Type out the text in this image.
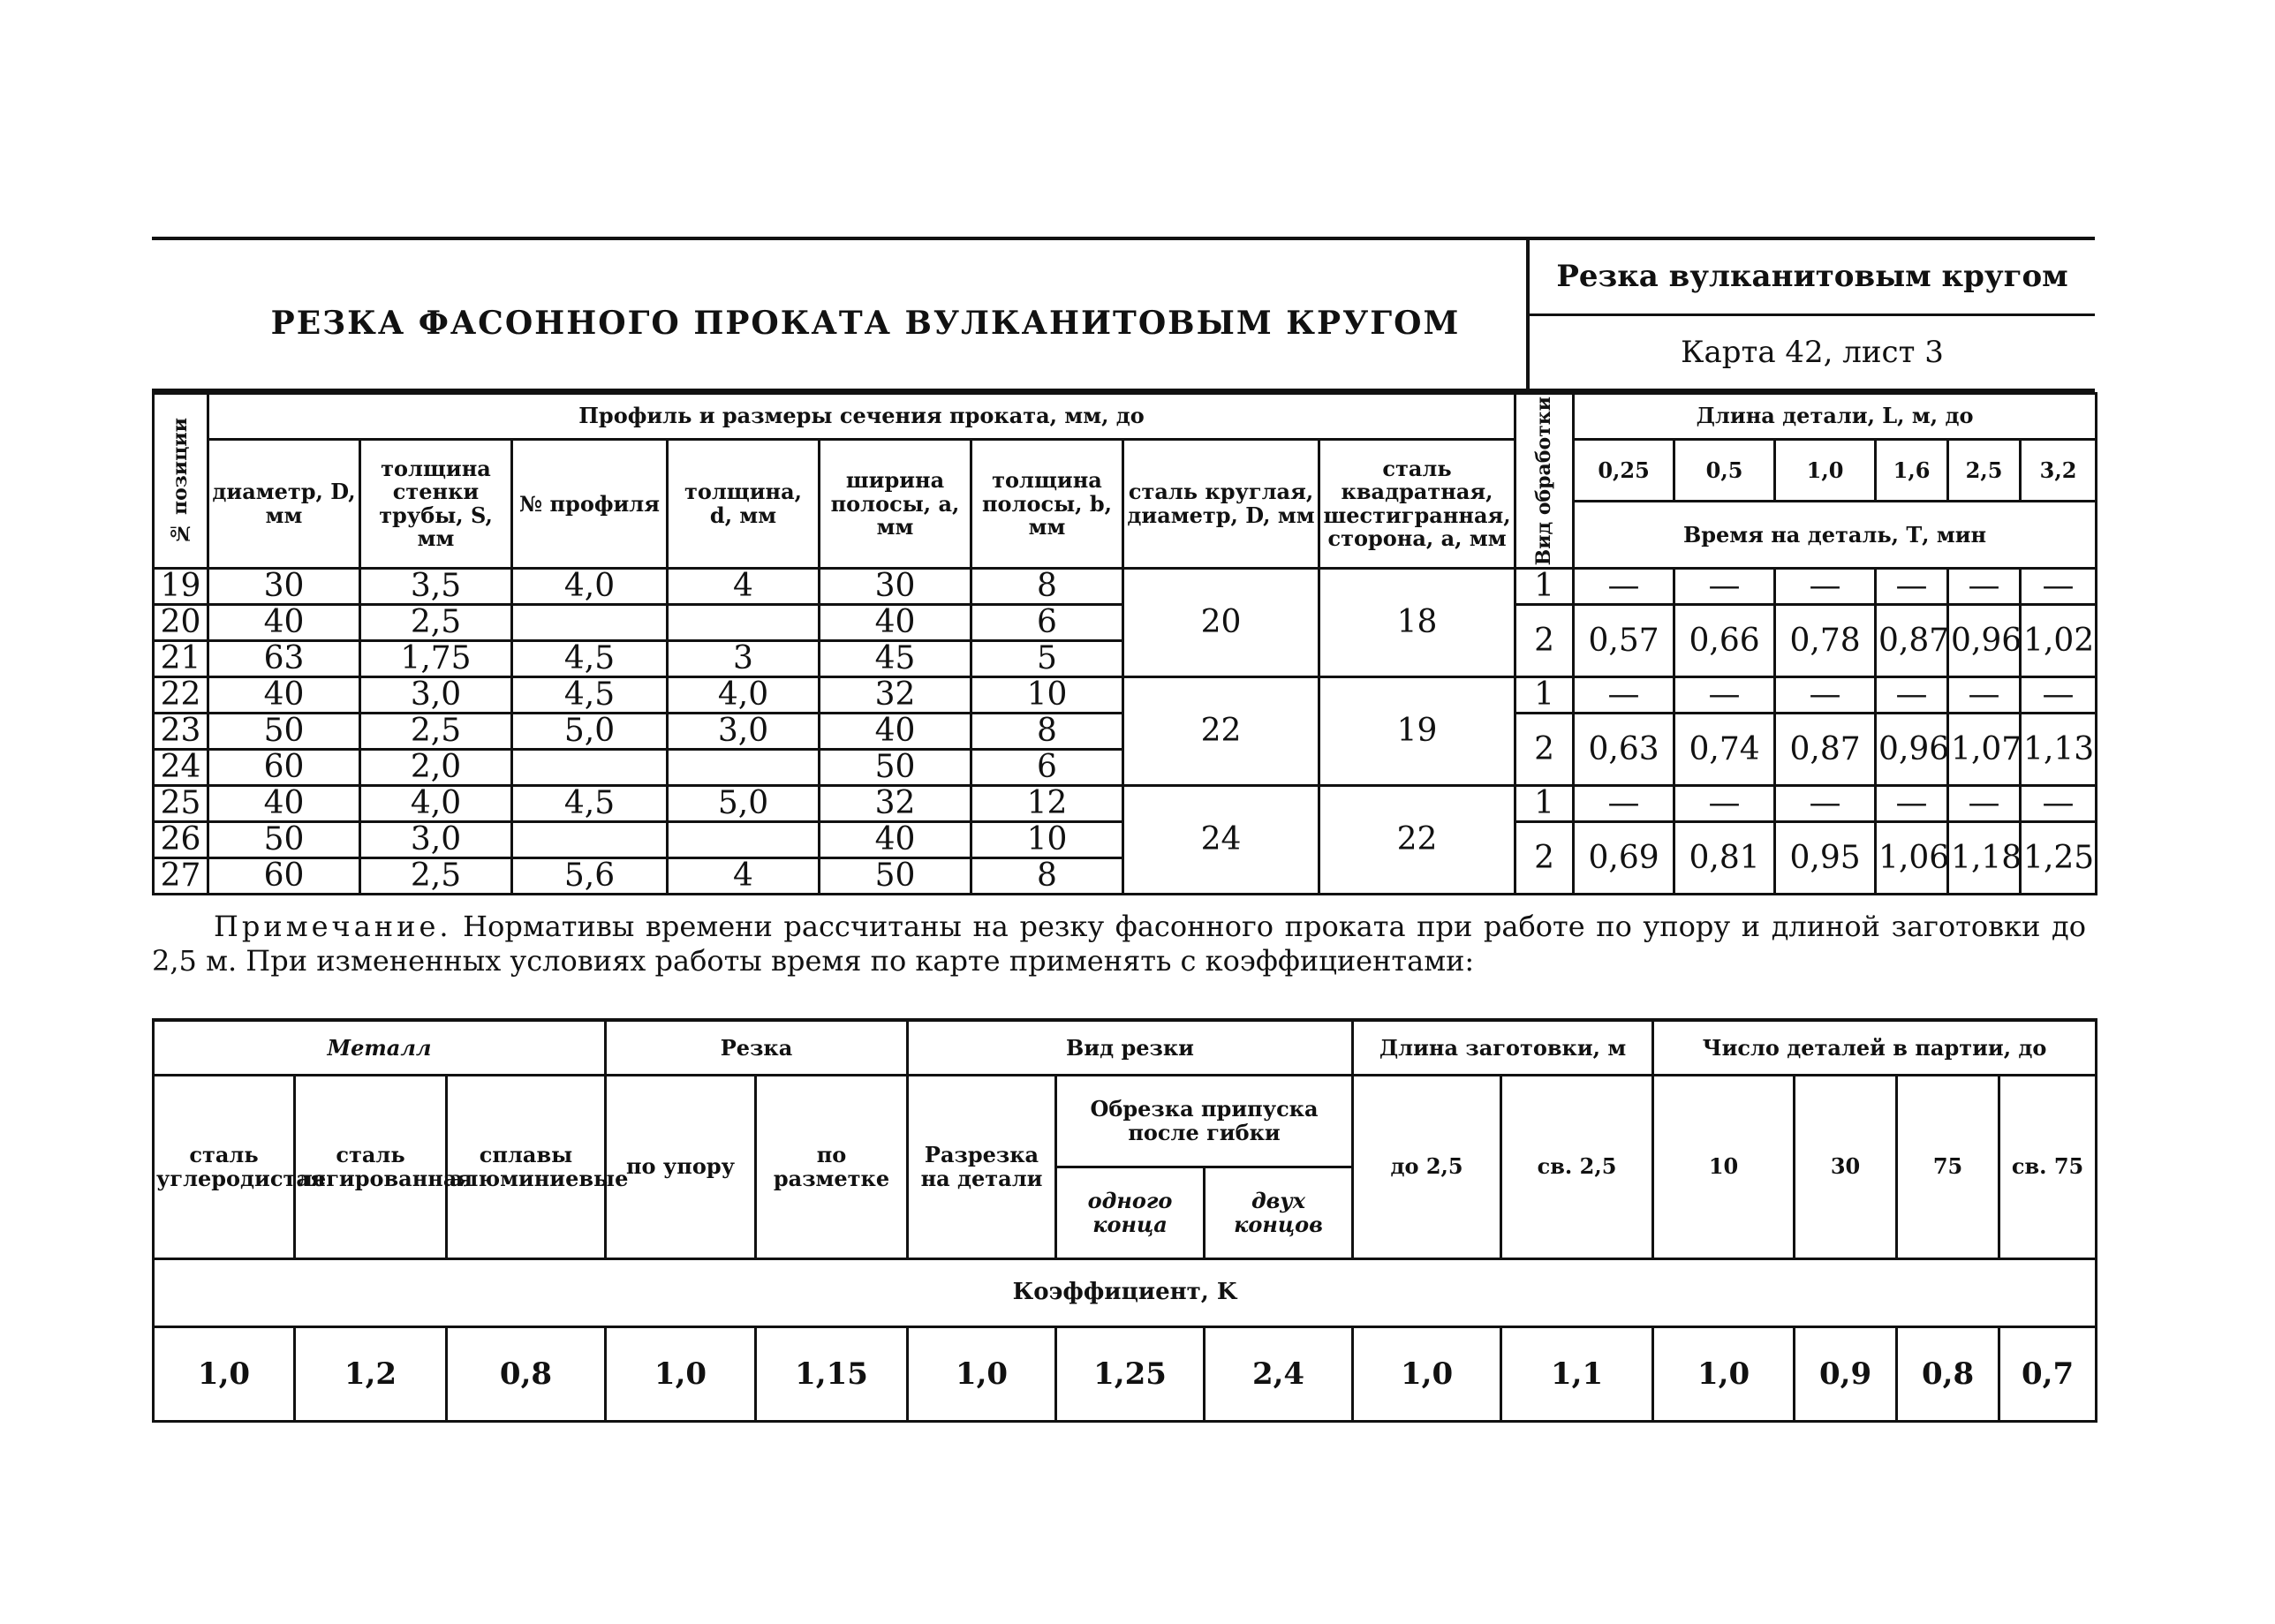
РЕЗКА ФАСОННОГО ПРОКАТА ВУЛКАНИТОВЫМ КРУГОМ
Резка вулканитовым кругом
Карта 42, лист 3
№ позиции	Профиль и размеры сечения проката, мм, до								Вид обработки	Длина детали, L, м, до					
	диаметр, D, мм	толщина стенки трубы, S, мм	№ профиля	толщина, d, мм	ширина полосы, a, мм	толщина полосы, b, мм	сталь круглая, диаметр, D, мм	сталь квадратная, шестигранная, сторона, а, мм		0,25	0,5	1,0	1,6	2,5	3,2
										Время на деталь, Т, мин					
19	30	3,5	4,0	4	30	8	20	18	1	—	—	—	—	—	—
20	40	2,5			40	6			2	0,57	0,66	0,78	0,87	0,96	1,02
21	63	1,75	4,5	3	45	5									
22	40	3,0	4,5	4,0	32	10	22	19	1	—	—	—	—	—	—
23	50	2,5	5,0	3,0	40	8			2	0,63	0,74	0,87	0,96	1,07	1,13
24	60	2,0			50	6									
25	40	4,0	4,5	5,0	32	12	24	22	1	—	—	—	—	—	—
26	50	3,0			40	10			2	0,69	0,81	0,95	1,06	1,18	1,25
27	60	2,5	5,6	4	50	8									

Примечание. Нормативы времени рассчитаны на резку фасонного проката при работе по упору и длиной заготовки до 2,5 м. При измененных условиях работы время по карте применять с коэффициентами:

Металл			Резка		Вид резки			Длина заготовки, м		Число деталей в партии, до			
сталь углеродистая	сталь легированная	сплавы алюминиевые	по упору	по разметке	Разрезка на детали	Обрезка припуска после гибки		до 2,5	св. 2,5	10	30	75	св. 75
						одного конца	двух концов						
Коэффициент, K													
1,0	1,2	0,8	1,0	1,15	1,0	1,25	2,4	1,0	1,1	1,0	0,9	0,8	0,7
